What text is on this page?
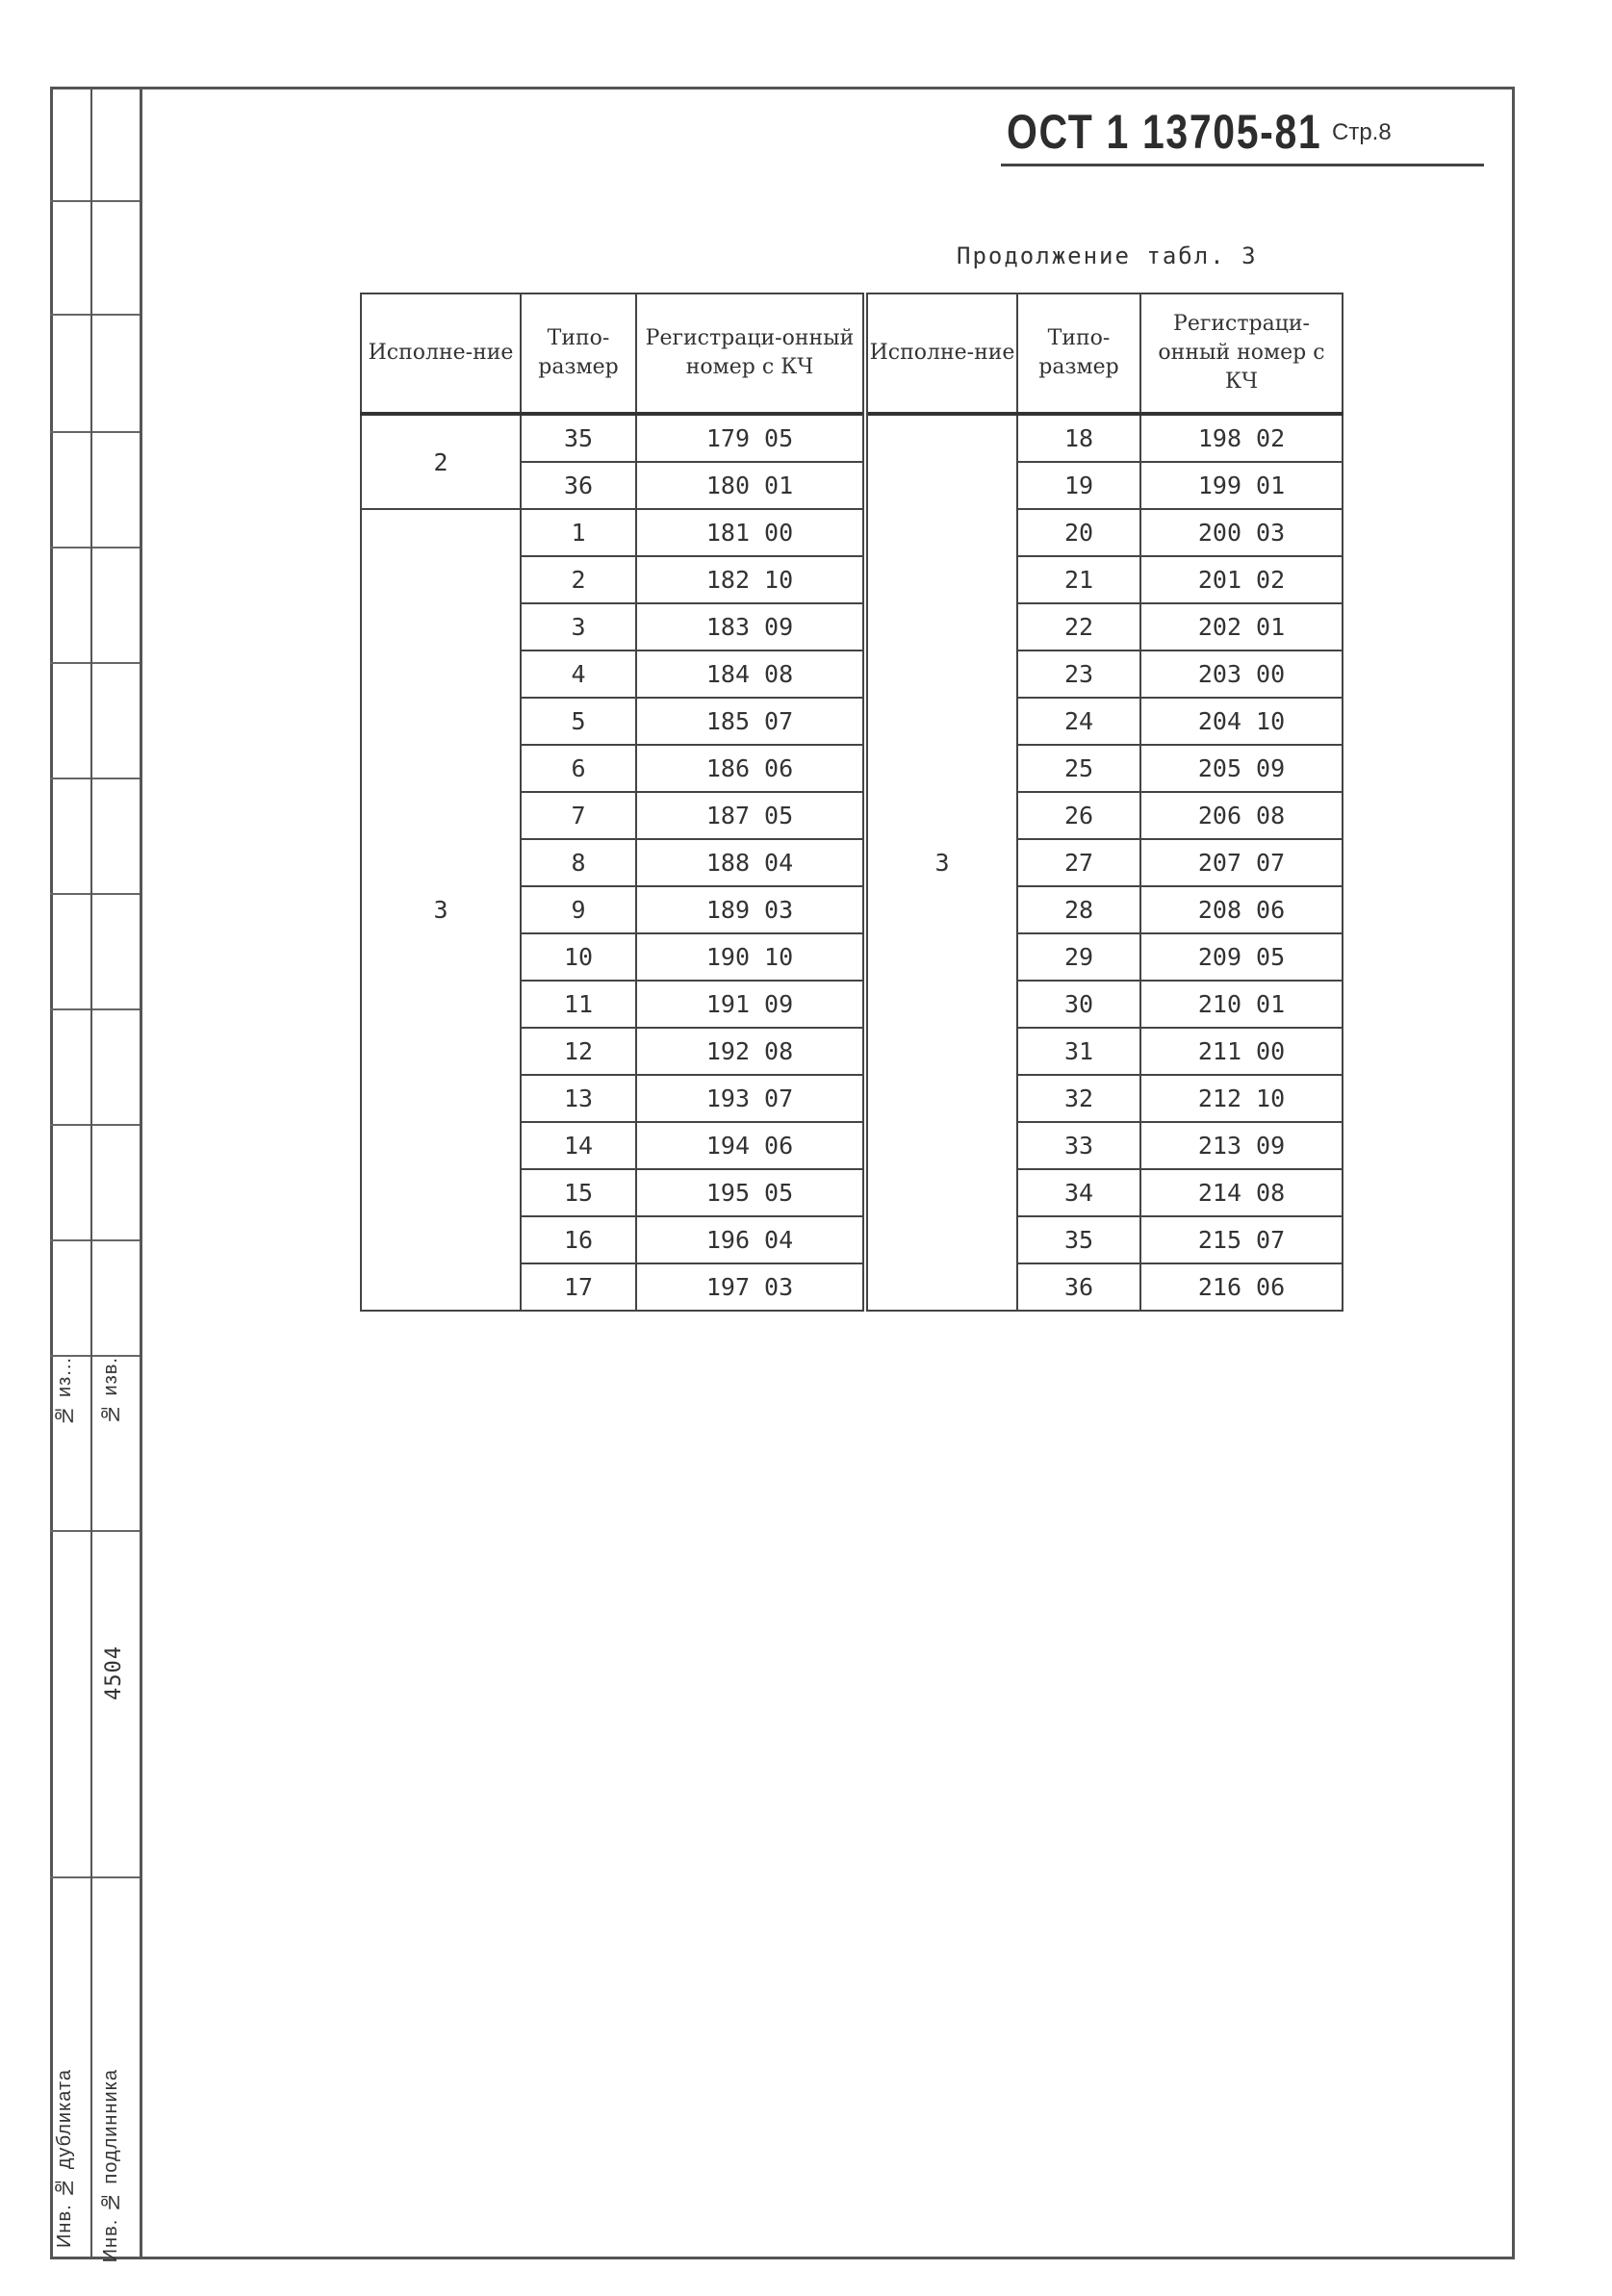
№ из... № изв.
4504
Инв. № дубликата Инв. № подлинника
ОСТ 1 13705-81 Стр.8
Продолжение табл. 3
Исполне-ние	Типо-размер	Регистраци-онный номер с КЧ	Исполне-ние	Типо-размер	Регистраци-онный номер с КЧ
2	35	179 05	3	18	198 02
	36	180 01		19	199 01
3	1	181 00		20	200 03
	2	182 10		21	201 02
	3	183 09		22	202 01
	4	184 08		23	203 00
	5	185 07		24	204 10
	6	186 06		25	205 09
	7	187 05		26	206 08
	8	188 04		27	207 07
	9	189 03		28	208 06
	10	190 10		29	209 05
	11	191 09		30	210 01
	12	192 08		31	211 00
	13	193 07		32	212 10
	14	194 06		33	213 09
	15	195 05		34	214 08
	16	196 04		35	215 07
	17	197 03		36	216 06
